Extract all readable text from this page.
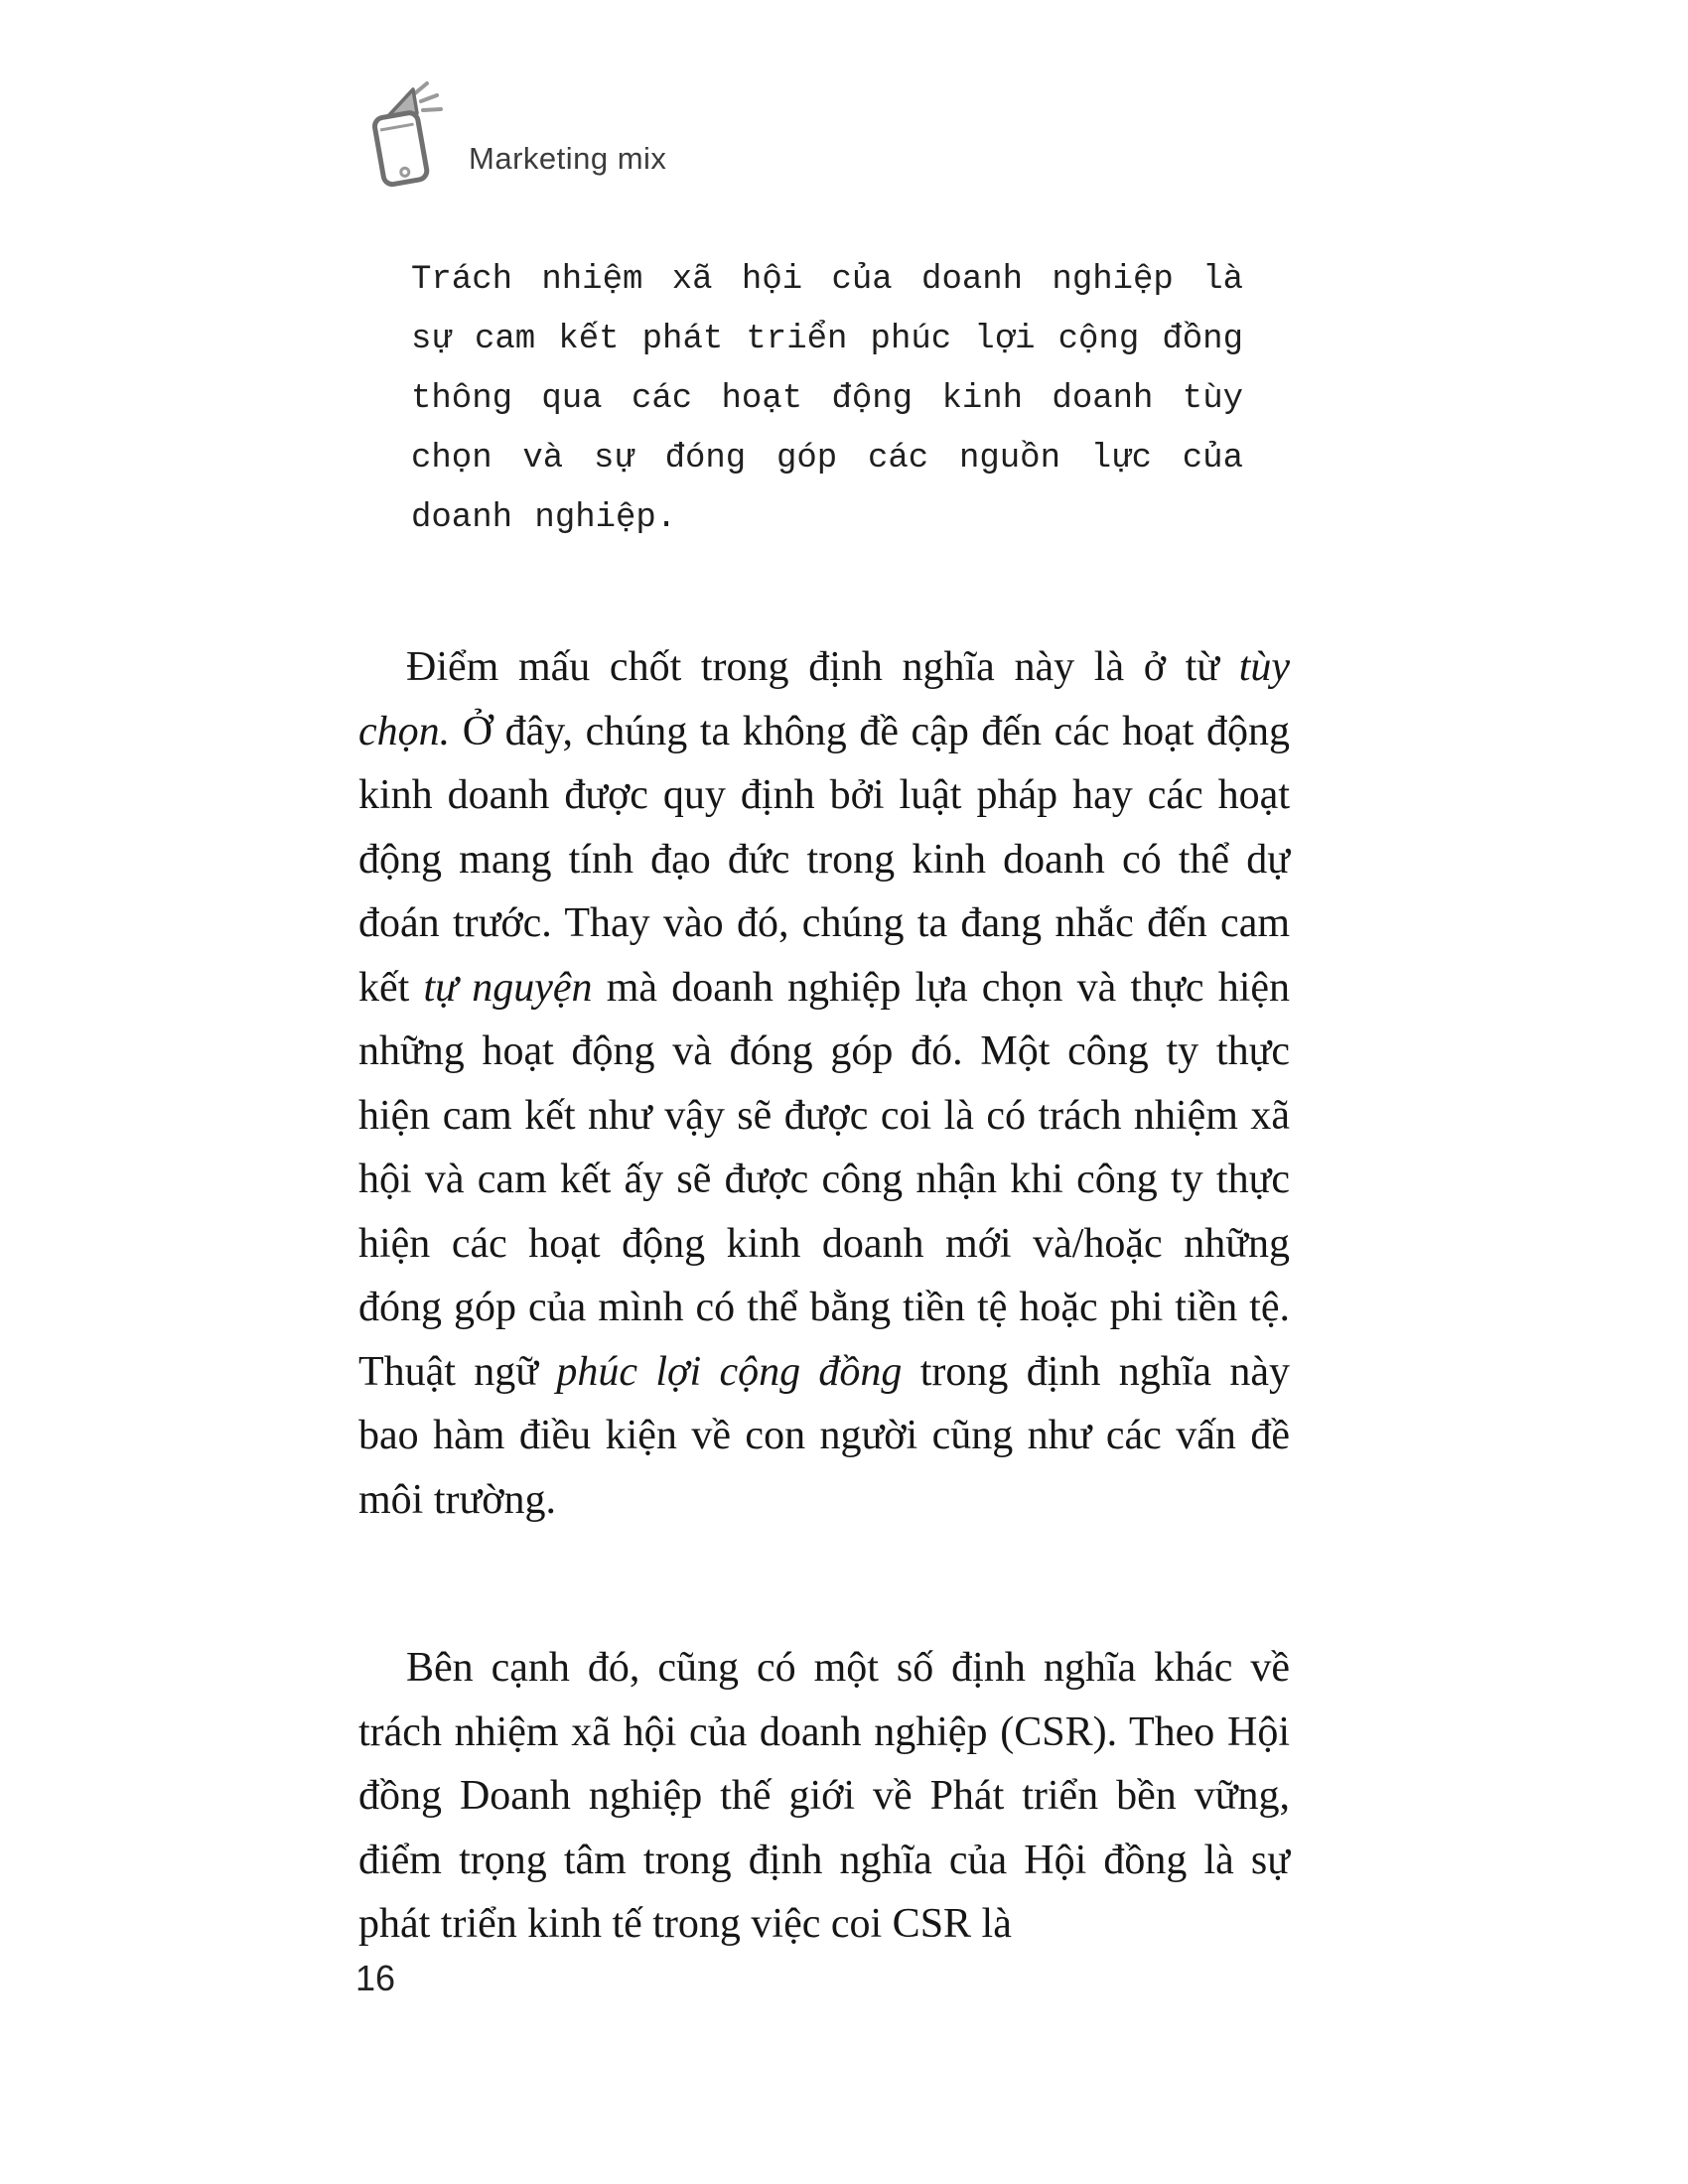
Marketing mix
Trách nhiệm xã hội của doanh nghiệp là sự cam kết phát triển phúc lợi cộng đồng thông qua các hoạt động kinh doanh tùy chọn và sự đóng góp các nguồn lực của doanh nghiệp.
Điểm mấu chốt trong định nghĩa này là ở từ tùy chọn. Ở đây, chúng ta không đề cập đến các hoạt động kinh doanh được quy định bởi luật pháp hay các hoạt động mang tính đạo đức trong kinh doanh có thể dự đoán trước. Thay vào đó, chúng ta đang nhắc đến cam kết tự nguyện mà doanh nghiệp lựa chọn và thực hiện những hoạt động và đóng góp đó. Một công ty thực hiện cam kết như vậy sẽ được coi là có trách nhiệm xã hội và cam kết ấy sẽ được công nhận khi công ty thực hiện các hoạt động kinh doanh mới và/hoặc những đóng góp của mình có thể bằng tiền tệ hoặc phi tiền tệ. Thuật ngữ phúc lợi cộng đồng trong định nghĩa này bao hàm điều kiện về con người cũng như các vấn đề môi trường.
Bên cạnh đó, cũng có một số định nghĩa khác về trách nhiệm xã hội của doanh nghiệp (CSR). Theo Hội đồng Doanh nghiệp thế giới về Phát triển bền vững, điểm trọng tâm trong định nghĩa của Hội đồng là sự phát triển kinh tế trong việc coi CSR là
16
